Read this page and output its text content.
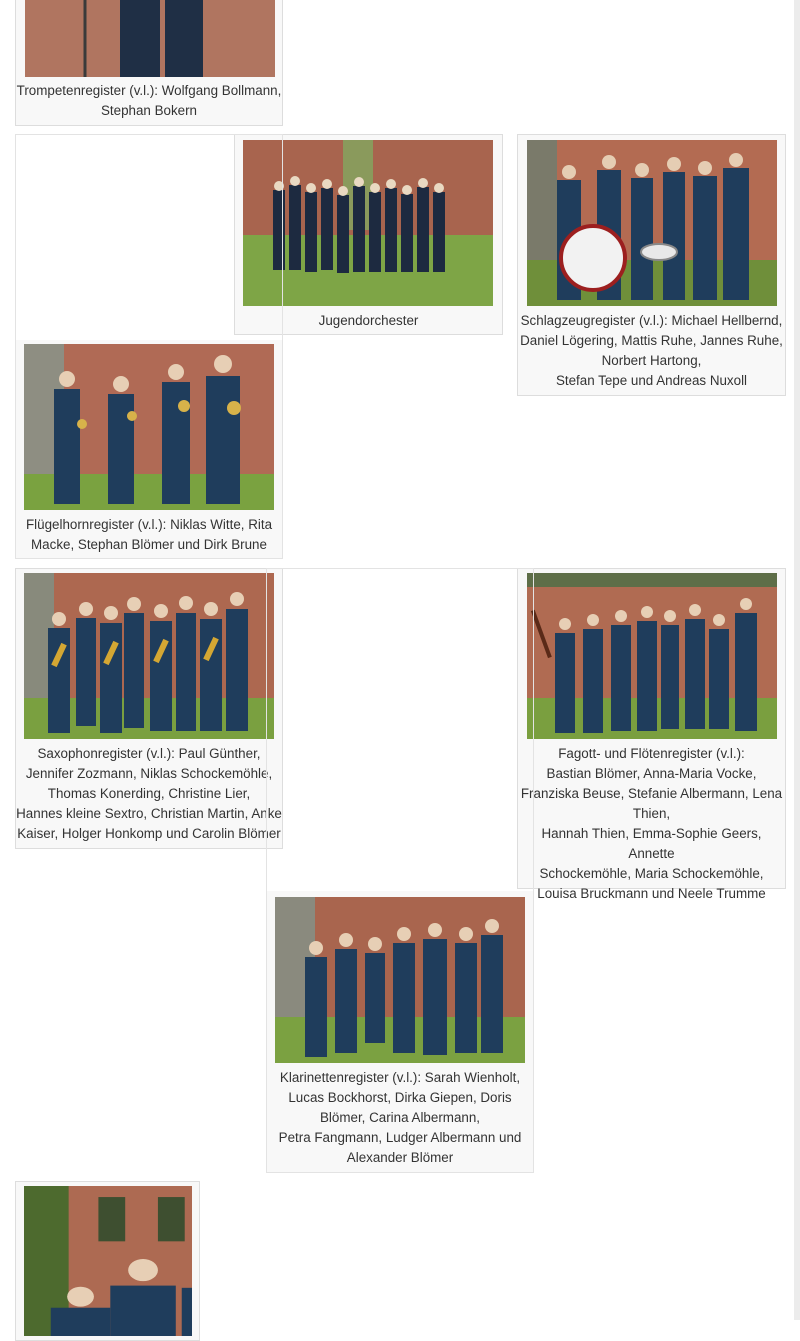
Trompetenregister (v.l.): Wolfgang Bollmann,
Stephan Bokern
Jugendorchester	Schlagzeugregister (v.l.): Michael Hellbernd,
Daniel Lögering, Mattis Ruhe, Jannes Ruhe,
Norbert Hartong,
Stefan Tepe und Andreas Nuxoll
Flügelhornregister (v.l.): Niklas Witte, Rita
Macke, Stephan Blömer und Dirk Brune
Saxophonregister (v.l.): Paul Günther,
Jennifer Zozmann, Niklas Schockemöhle,
Thomas Konerding, Christine Lier,
Hannes kleine Sextro, Christian Martin, Anke
Kaiser, Holger Honkomp und Carolin Blömer
Fagott- und Flötenregister (v.l.):
Bastian Blömer, Anna-Maria Vocke,
Franziska Beuse, Stefanie Albermann, Lena
Thien,
Hannah Thien, Emma-Sophie Geers, Annette
Schockemöhle, Maria Schockemöhle,
Louisa Bruckmann und Neele Trumme
Klarinettenregister (v.l.): Sarah Wienholt,
Lucas Bockhorst, Dirka Giepen, Doris
Blömer, Carina Albermann,
Petra Fangmann, Ludger Albermann und
Alexander Blömer
